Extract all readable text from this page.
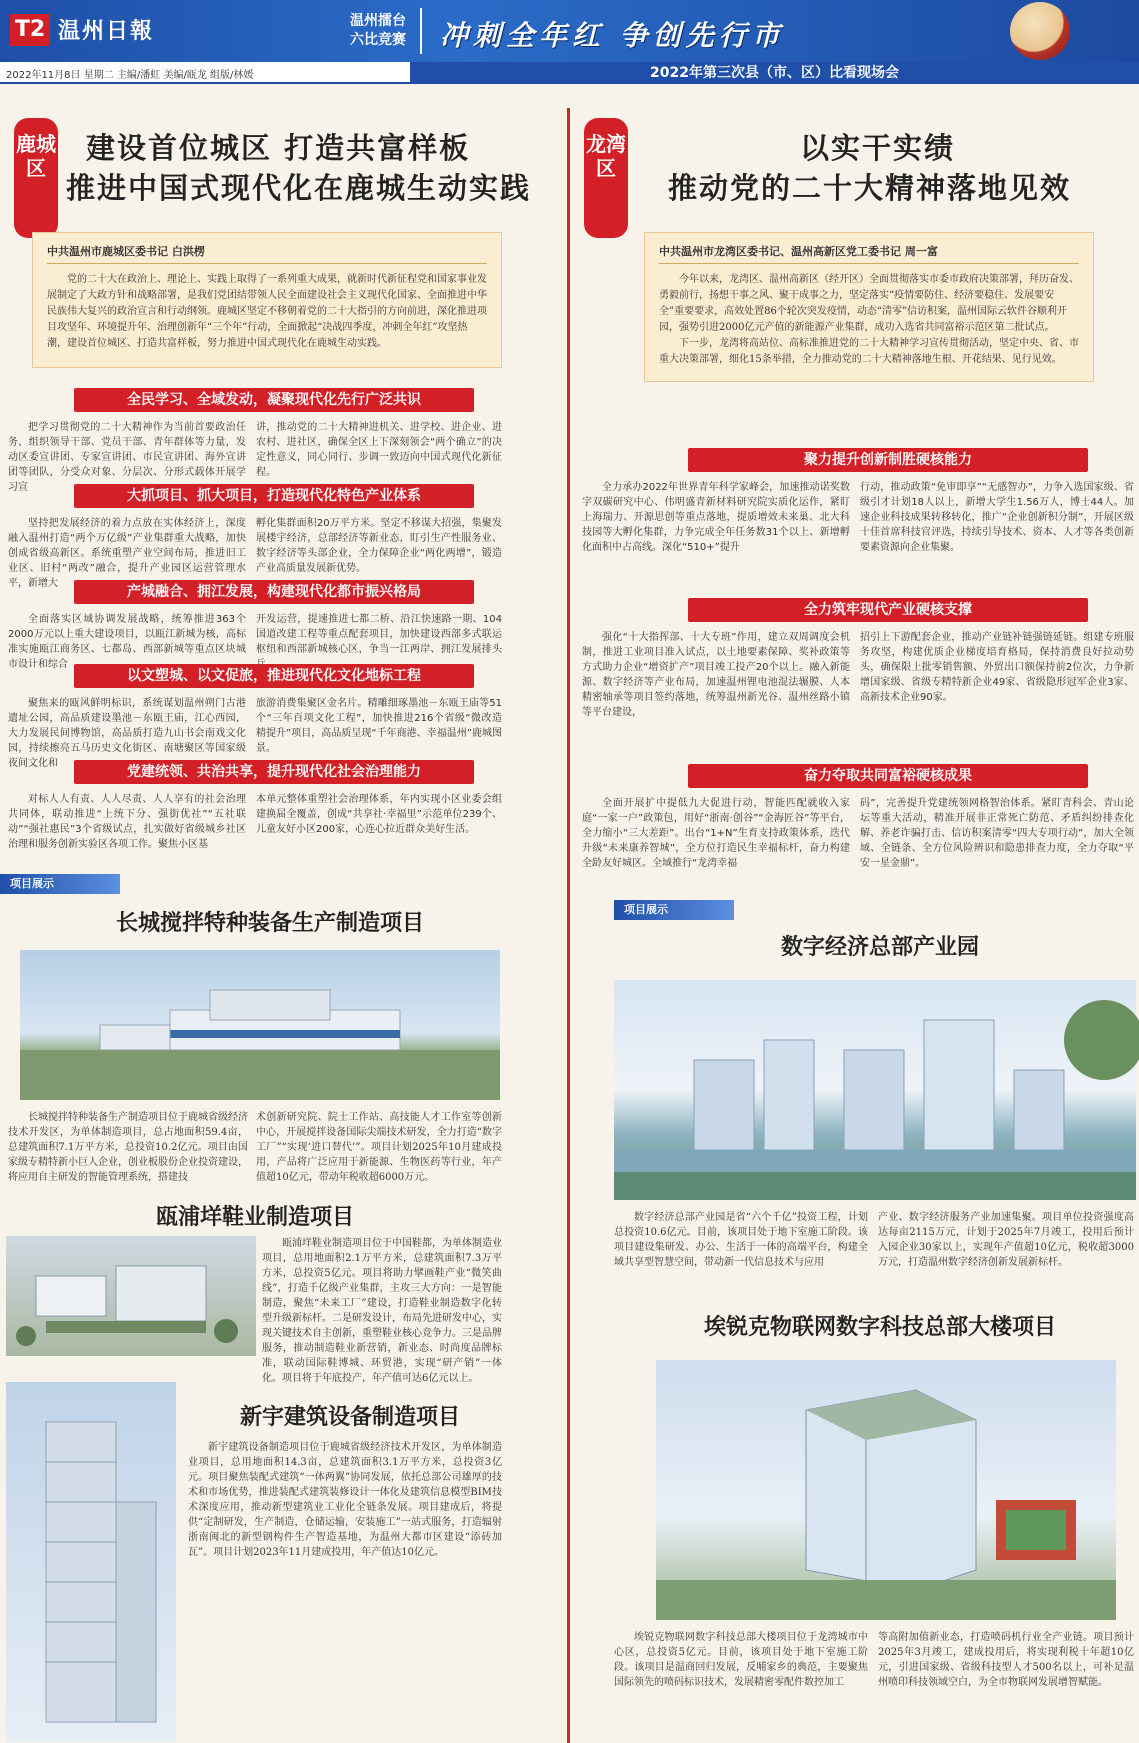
T2 温州日報	温州擂台
六比竞赛 冲刺全年红 争创先行市
2022年11月8日 星期二 主编/潘虹 美编/瓯龙 组版/林媛	2022年第三次县（市、区）比看现场会
鹿城区
建设首位城区 打造共富样板
推进中国式现代化在鹿城生动实践
中共温州市鹿城区委书记 白洪楞

党的二十大在政治上、理论上、实践上取得了一系列重大成果，就新时代新征程党和国家事业发展制定了大政方针和战略部署，是我们党团结带领人民全面建设社会主义现代化国家、全面推进中华民族伟大复兴的政治宣言和行动纲领。鹿城区坚定不移朝着党的二十大指引的方向前进，深化推进项目攻坚年、环境提升年、治理创新年“三个年”行动，全面掀起“决战四季度，冲刺全年红”攻坚热潮，建设首位城区、打造共富样板，努力推进中国式现代化在鹿城生动实践。

全民学习、全域发动，凝聚现代化先行广泛共识
把学习贯彻党的二十大精神作为当前首要政治任务，组织领导干部、党员干部、青年群体等力量，发动区委宣讲团、专家宣讲团、市民宣讲团、海外宣讲团等团队，分受众对象、分层次、分形式载体开展学习宣
讲，推动党的二十大精神进机关、进学校、进企业、进农村、进社区，确保全区上下深刻领会“两个确立”的决定性意义，同心同行、步调一致迈向中国式现代化新征程。
大抓项目、抓大项目，打造现代化特色产业体系
坚持把发展经济的着力点放在实体经济上，深度融入温州打造“两个万亿级”产业集群重大战略，加快创成省级高新区。系统重塑产业空间布局，推进旧工业区、旧村“两改”融合，提升产业园区运营管理水平，新增大
孵化集群面积20万平方米。坚定不移谋大招强，集聚发展楼宇经济，总部经济等新业态，盯引生产性服务业、数字经济等头部企业，全力保障企业“两化两增”，锻造产业高质量发展新优势。
产城融合、拥江发展，构建现代化都市振兴格局
全面落实区域协调发展战略，统筹推进363个2000万元以上重大建设项目，以瓯江新城为核，高标准实施瓯江商务区、七都岛、西部新城等重点区块城市设计和综合
开发运营，提速推进七都二桥、沿江快速路一期、104国道改建工程等重点配套项目，加快建设西部多式联运枢纽和西部新城核心区，争当一江两岸、拥江发展排头
以文塑城、以文促旅，推进现代化文化地标工程
聚焦来的瓯风鲜明标识，系统谋划温州朔门古港遗址公园，高品质建设墨池－东瓯王庙，江心西园，大力发展民间博物馆，高品质打造九山书会南戏文化园，持续擦亮五马历史文化街区、南塘聚区等国家级夜间文化和
旅游消费集聚区金名片。精雕细琢墨池－东瓯王庙等51个“三年百项文化工程”，加快推进216个省级“微改造 精提升”项目，高品质呈现“千年商港、幸福温州”鹿城图景。
党建统领、共治共享，提升现代化社会治理能力
对标人人有责、人人尽责、人人享有的社会治理共同体，联动推进“上统下分、强街优社”“五社联动”“强社惠民”3个省级试点，扎实做好省级城乡社区治理和服务创新实验区各项工作。聚焦小区基
本单元整体重塑社会治理体系，年内实现小区业委会组建换届全覆盖，创成“共享社·幸福里”示范单位239个、儿童友好小区200家，心连心拉近群众美好生活。
项目展示
长城搅拌特种装备生产制造项目
长城搅拌特种装备生产制造项目位于鹿城省级经济技术开发区，为单体制造项目，总占地面积59.4亩，总建筑面积7.1万平方米，总投资10.2亿元。项目由国家级专精特新小巨人企业，创业板股份企业投资建设，将应用自主研发的智能管理系统，搭建技
术创新研究院、院士工作站、高技能人才工作室等创新中心，开展搅拌设备国际尖端技术研发，全力打造“数字工厂”“实现‘进口替代’”。项目计划2025年10月建成投用，产品将广泛应用于新能源、生物医药等行业，年产值超10亿元，带动年税收超6000万元。
瓯浦垟鞋业制造项目
瓯浦垟鞋业制造项目位于中国鞋都，为单体制造业项目，总用地面积2.1万平方米，总建筑面积7.3万平方米，总投资5亿元。项目将助力擘画鞋产业“微笑曲线”，打造千亿级产业集群，主攻三大方向：一是智能制造，聚焦“未来工厂”建设，打造鞋业制造数字化转型升级新标杆。二是研发设计，布局先进研发中心，实现关键技术自主创新，重塑鞋业核心竞争力。三是品牌服务，推动制造鞋业新营销，新业态、时尚度品牌标准，联动国际鞋博城、环贸港，实现“研产销”一体化。项目将于年底投产，年产值可达6亿元以上。
新宇建筑设备制造项目
新宇建筑设备制造项目位于鹿城省级经济技术开发区，为单体制造业项目，总用地面积14.3亩，总建筑面积3.1万平方米，总投资3亿元。项目聚焦装配式建筑“一体两翼”协同发展，依托总部公司雄厚的技术和市场优势，推进装配式建筑装修设计一体化及建筑信息模型BIM技术深度应用，推动新型建筑业工业化全链条发展。项目建成后，将提供“定制研发，生产制造，仓储运输，安装施工”一站式服务，打造辐射浙南闽北的新型钢构件生产智造基地，为温州大都市区建设“添砖加瓦”。项目计划2023年11月建成投用，年产值达10亿元。
龙湾区
以实干实绩
推动党的二十大精神落地见效
中共温州市龙湾区委书记、温州高新区党工委书记 周一富

今年以来，龙湾区、温州高新区（经开区）全面贯彻落实市委市政府决策部署，拜历奋发、勇毅前行，扬想干事之风、聚干成事之力，坚定落实“疫情要防住、经济要稳住、发展要安全”重要要求，高效处置86个轮次突发疫情，动态“清零”信访积案，温州国际云软件谷顺利开园，强势引进2000亿元产值的新能源产业集群，成功入选省共同富裕示范区第二批试点。

下一步，龙湾将高站位、高标准推进党的二十大精神学习宣传贯彻活动，坚定中央、省、市重大决策部署，细化15条举措，全力推动党的二十大精神落地生根、开花结果、见行见效。

聚力提升创新制胜硬核能力
全力承办2022年世界青年科学家峰会，加速推动诺奖数字双碳研究中心、伟明盛青新材料研究院实质化运作，紧盯上海瑞力、开源思创等重点落地，提质增效未来巢、北大科技园等大孵化集群，力争完成全年任务数31个以上、新增孵化面积中占高线。深化“510+”提升
行动，推动政策“免审即享”“无感智办”，力争入选国家级、省级引才计划18人以上，新增大学生1.56万人，博士44人。加速企业科技成果转移转化，推广“企业创新积分制”，开展区级十佳首席科技官评选，持续引导技术、资本、人才等各类创新要素资源向企业集聚。
全力筑牢现代产业硬核支撑
强化“十大指挥部、十大专班”作用，建立双周调度会机制，推进工业项目准入试点，以土地要素保障、奖补政策等方式助力企业“增资扩产”项目竣工投产20个以上。融入新能源、数字经济等产业布局，加速温州锂电池混法辗膜、人本精密轴承等项目签约落地，统筹温州新光谷、温州丝路小镇等平台建设，
招引上下游配套企业，推动产业链补链强链延链。组建专班服务攻坚，构建优质企业梯度培育格局，保持消费良好拉动势头，确保限上批零销售额、外贸出口额保持前2位次，力争新增国家级、省级专精特新企业49家、省级隐形冠军企业3家、高新技术企业90家。
奋力夺取共同富裕硬核成果
全面开展扩中提低九大促进行动，智能匹配就收入家庭“一家一户”政策包，用好“浙南·创谷”“金海匠谷”等平台，全力缩小“三大差距”。出台“1+N”生育支持政策体系，迭代升级“未来康养智城”，全方位打造民生幸福标杆，奋力构建全龄友好城区。全域推行“龙湾幸福
码”，完善提升党建统领网格智治体系。紧盯青科会、青山论坛等重大活动，精准开展非正常死亡防范、矛盾纠纷排查化解、养老诈骗打击、信访积案清零“四大专项行动”，加大全领域、全链条、全方位风险辨识和隐患排查力度，全力夺取“平安一星金鼎”。
项目展示
数字经济总部产业园
数字经济总部产业园是省“六个千亿”投资工程，计划总投资10.6亿元。目前，该项目处于地下室施工阶段。该项目建设集研发、办公、生活于一体的高端平台，构建全域共享型智慧空间，带动新一代信息技术与应用
产业、数字经济服务产业加速集聚。项目单位投资强度高达每亩2115万元，计划于2025年7月竣工，投用后预计入园企业30家以上，实现年产值超10亿元，税收超3000万元，打造温州数字经济创新发展新标杆。
埃锐克物联网数字科技总部大楼项目
埃锐克物联网数字科技总部大楼项目位于龙湾城市中心区，总投资5亿元。目前，该项目处于地下室施工阶段。该项目是温商回归发展，反哺家乡的典范，主要聚焦国际领先的喷码标识技术，发展精密零配件数控加工
等高附加值新业态，打造喷码机行业全产业链。项目预计2025年3月竣工，建成投用后，将实现利税十年超10亿元，引进国家级、省级科技型人才500名以上，可补足温州喷印科技领域空白，为全市物联网发展增智赋能。
